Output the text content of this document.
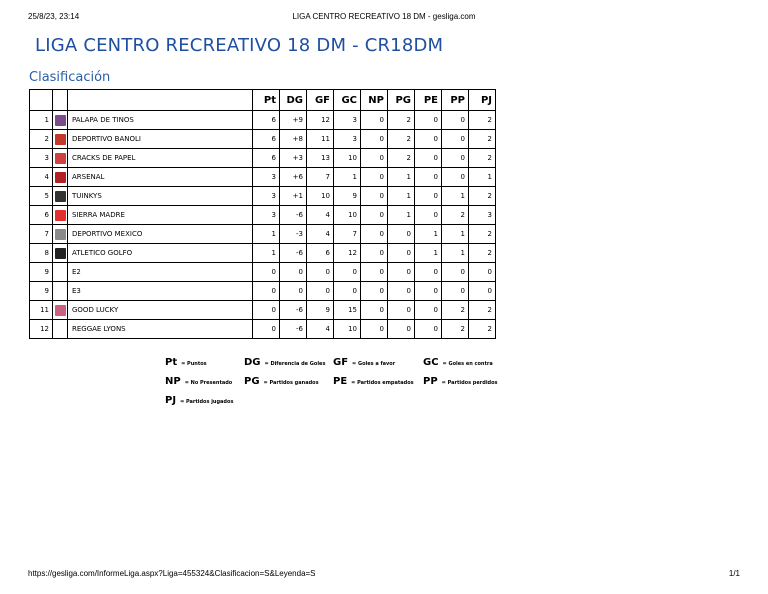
25/8/23, 23:14	LIGA CENTRO RECREATIVO 18 DM - gesliga.com
LIGA CENTRO RECREATIVO 18 DM - CR18DM
Clasificación
			Pt	DG	GF	GC	NP	PG	PE	PP	PJ
1		PALAPA DE TINOS	6	+9	12	3	0	2	0	0	2
2		DEPORTIVO BANOLI	6	+8	11	3	0	2	0	0	2
3		CRACKS DE PAPEL	6	+3	13	10	0	2	0	0	2
4		ARSENAL	3	+6	7	1	0	1	0	0	1
5		TUINKYS	3	+1	10	9	0	1	0	1	2
6		SIERRA MADRE	3	-6	4	10	0	1	0	2	3
7		DEPORTIVO MEXICO	1	-3	4	7	0	0	1	1	2
8		ATLETICO GOLFO	1	-6	6	12	0	0	1	1	2
9		E2	0	0	0	0	0	0	0	0	0
9		E3	0	0	0	0	0	0	0	0	0
11		GOOD LUCKY	0	-6	9	15	0	0	0	2	2
12		REGGAE LYONS	0	-6	4	10	0	0	0	2	2
Pt = Puntos	DG = Diferencia de Goles GF = Goles a favor	GC = Goles en contra
NP = No Presentado PG = Partidos ganados PE = Partidos empatados PP = Partidos perdidos
PJ = Partidos jugados
https://gesliga.com/InformeLiga.aspx?Liga=455324&Clasificacion=S&Leyenda=S	1/1
